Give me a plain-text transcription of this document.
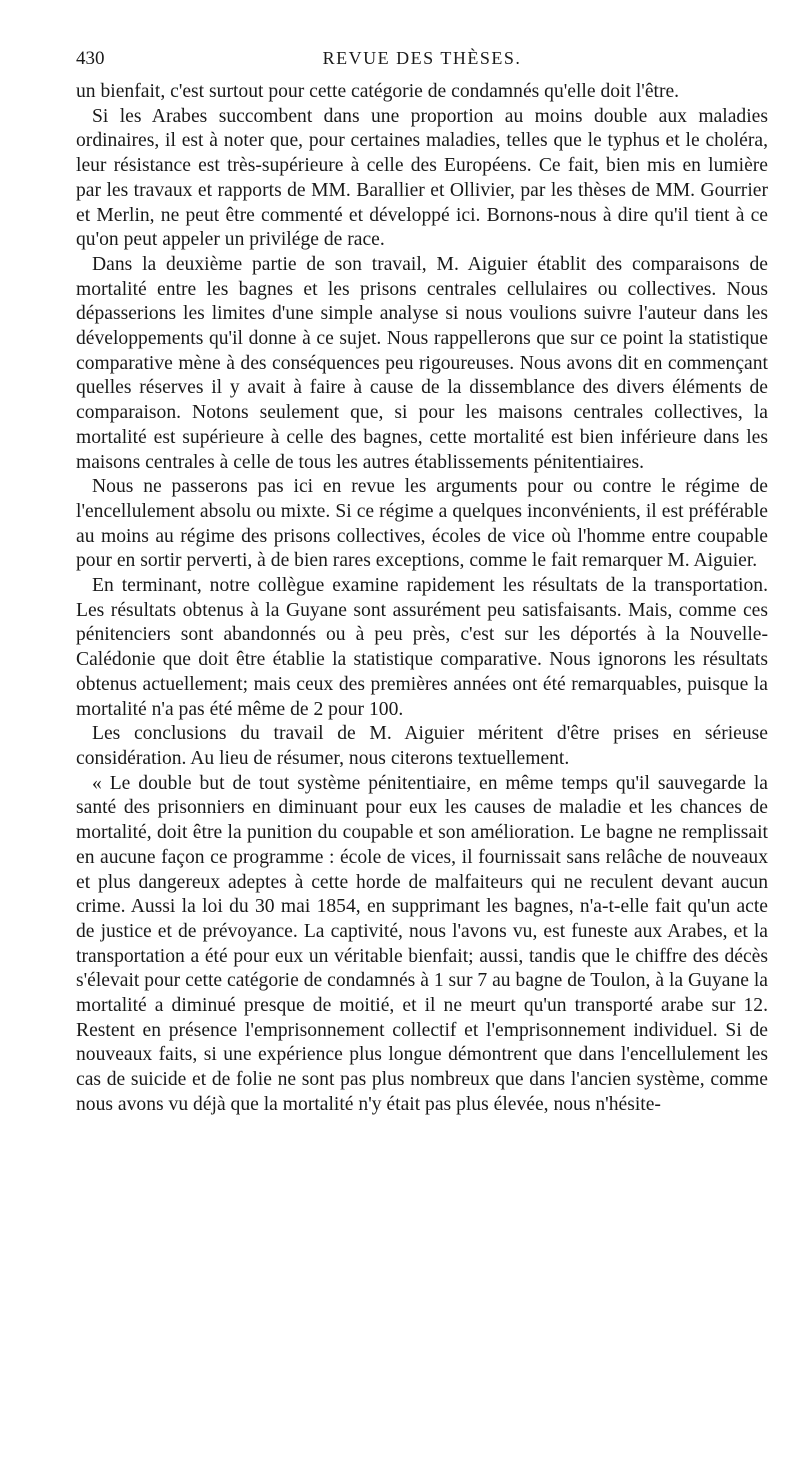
430	REVUE DES THÈSES.

un bienfait, c'est surtout pour cette catégorie de condamnés qu'elle doit l'être.

Si les Arabes succombent dans une proportion au moins double aux maladies ordinaires, il est à noter que, pour certaines maladies, telles que le typhus et le choléra, leur résistance est très-supérieure à celle des Européens. Ce fait, bien mis en lumière par les travaux et rapports de MM. Barallier et Ollivier, par les thèses de MM. Gourrier et Merlin, ne peut être commenté et développé ici. Bornons-nous à dire qu'il tient à ce qu'on peut appeler un privilége de race.

Dans la deuxième partie de son travail, M. Aiguier établit des comparaisons de mortalité entre les bagnes et les prisons centrales cellulaires ou collectives. Nous dépasserions les limites d'une simple analyse si nous voulions suivre l'auteur dans les développements qu'il donne à ce sujet. Nous rappellerons que sur ce point la statistique comparative mène à des conséquences peu rigoureuses. Nous avons dit en commençant quelles réserves il y avait à faire à cause de la dissemblance des divers éléments de comparaison. Notons seulement que, si pour les maisons centrales collectives, la mortalité est supérieure à celle des bagnes, cette mortalité est bien inférieure dans les maisons centrales à celle de tous les autres établissements pénitentiaires.

Nous ne passerons pas ici en revue les arguments pour ou contre le régime de l'encellulement absolu ou mixte. Si ce régime a quelques inconvénients, il est préférable au moins au régime des prisons collectives, écoles de vice où l'homme entre coupable pour en sortir perverti, à de bien rares exceptions, comme le fait remarquer M. Aiguier.

En terminant, notre collègue examine rapidement les résultats de la transportation. Les résultats obtenus à la Guyane sont assurément peu satisfaisants. Mais, comme ces pénitenciers sont abandonnés ou à peu près, c'est sur les déportés à la Nouvelle-Calédonie que doit être établie la statistique comparative. Nous ignorons les résultats obtenus actuellement; mais ceux des premières années ont été remarquables, puisque la mortalité n'a pas été même de 2 pour 100.

Les conclusions du travail de M. Aiguier méritent d'être prises en sérieuse considération. Au lieu de résumer, nous citerons textuellement.

« Le double but de tout système pénitentiaire, en même temps qu'il sauvegarde la santé des prisonniers en diminuant pour eux les causes de maladie et les chances de mortalité, doit être la punition du coupable et son amélioration. Le bagne ne remplissait en aucune façon ce programme : école de vices, il fournissait sans relâche de nouveaux et plus dangereux adeptes à cette horde de malfaiteurs qui ne reculent devant aucun crime. Aussi la loi du 30 mai 1854, en supprimant les bagnes, n'a-t-elle fait qu'un acte de justice et de prévoyance. La captivité, nous l'avons vu, est funeste aux Arabes, et la transportation a été pour eux un véritable bienfait; aussi, tandis que le chiffre des décès s'élevait pour cette catégorie de condamnés à 1 sur 7 au bagne de Toulon, à la Guyane la mortalité a diminué presque de moitié, et il ne meurt qu'un transporté arabe sur 12. Restent en présence l'emprisonnement collectif et l'emprisonnement individuel. Si de nouveaux faits, si une expérience plus longue démontrent que dans l'encellulement les cas de suicide et de folie ne sont pas plus nombreux que dans l'ancien système, comme nous avons vu déjà que la mortalité n'y était pas plus élevée, nous n'hésite-
